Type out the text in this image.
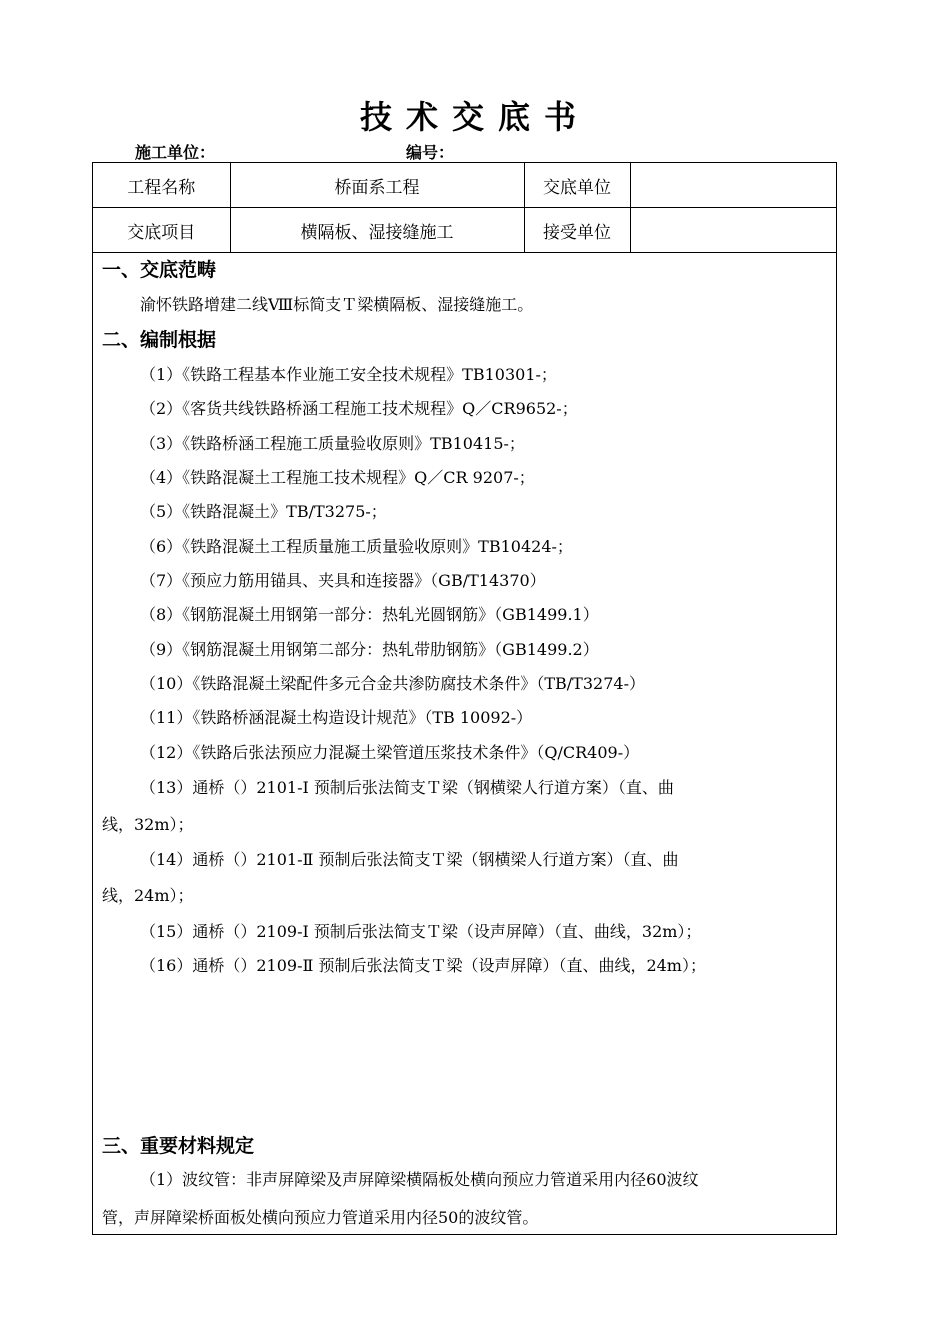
技术交底书
施工单位：	编号：
工程名称	桥面系工程	交底单位	
交底项目	横隔板、湿接缝施工	接受单位	
一、交底范畴
渝怀铁路增建二线Ⅷ标简支Ｔ梁横隔板、湿接缝施工。
二、编制根据
（1）《铁路工程基本作业施工安全技术规程》TB10301-；
（2）《客货共线铁路桥涵工程施工技术规程》Q／CR9652-；
（3）《铁路桥涵工程施工质量验收原则》TB10415-；
（4）《铁路混凝土工程施工技术规程》Q／CR 9207-；
（5）《铁路混凝土》TB/T3275-；
（6）《铁路混凝土工程质量施工质量验收原则》TB10424-；
（7）《预应力筋用锚具、夹具和连接器》（GB/T14370）
（8）《钢筋混凝土用钢第一部分：热轧光圆钢筋》（GB1499.1）
（9）《钢筋混凝土用钢第二部分：热轧带肋钢筋》（GB1499.2）
（10）《铁路混凝土梁配件多元合金共渗防腐技术条件》（TB/T3274-）
（11）《铁路桥涵混凝土构造设计规范》（TB 10092-）
（12）《铁路后张法预应力混凝土梁管道压浆技术条件》（Q/CR409-）
（13）通桥（）2101-Ⅰ 预制后张法简支Ｔ梁（钢横梁人行道方案）（直、曲
线，32m）；
（14）通桥（）2101-Ⅱ 预制后张法简支Ｔ梁（钢横梁人行道方案）（直、曲
线，24m）；
（15）通桥（）2109-Ⅰ 预制后张法简支Ｔ梁（设声屏障）（直、曲线，32m）；
（16）通桥（）2109-Ⅱ 预制后张法简支Ｔ梁（设声屏障）（直、曲线，24m）；
三、重要材料规定
（1）波纹管：非声屏障梁及声屏障梁横隔板处横向预应力管道采用内径60波纹
管，声屏障梁桥面板处横向预应力管道采用内径50的波纹管。
